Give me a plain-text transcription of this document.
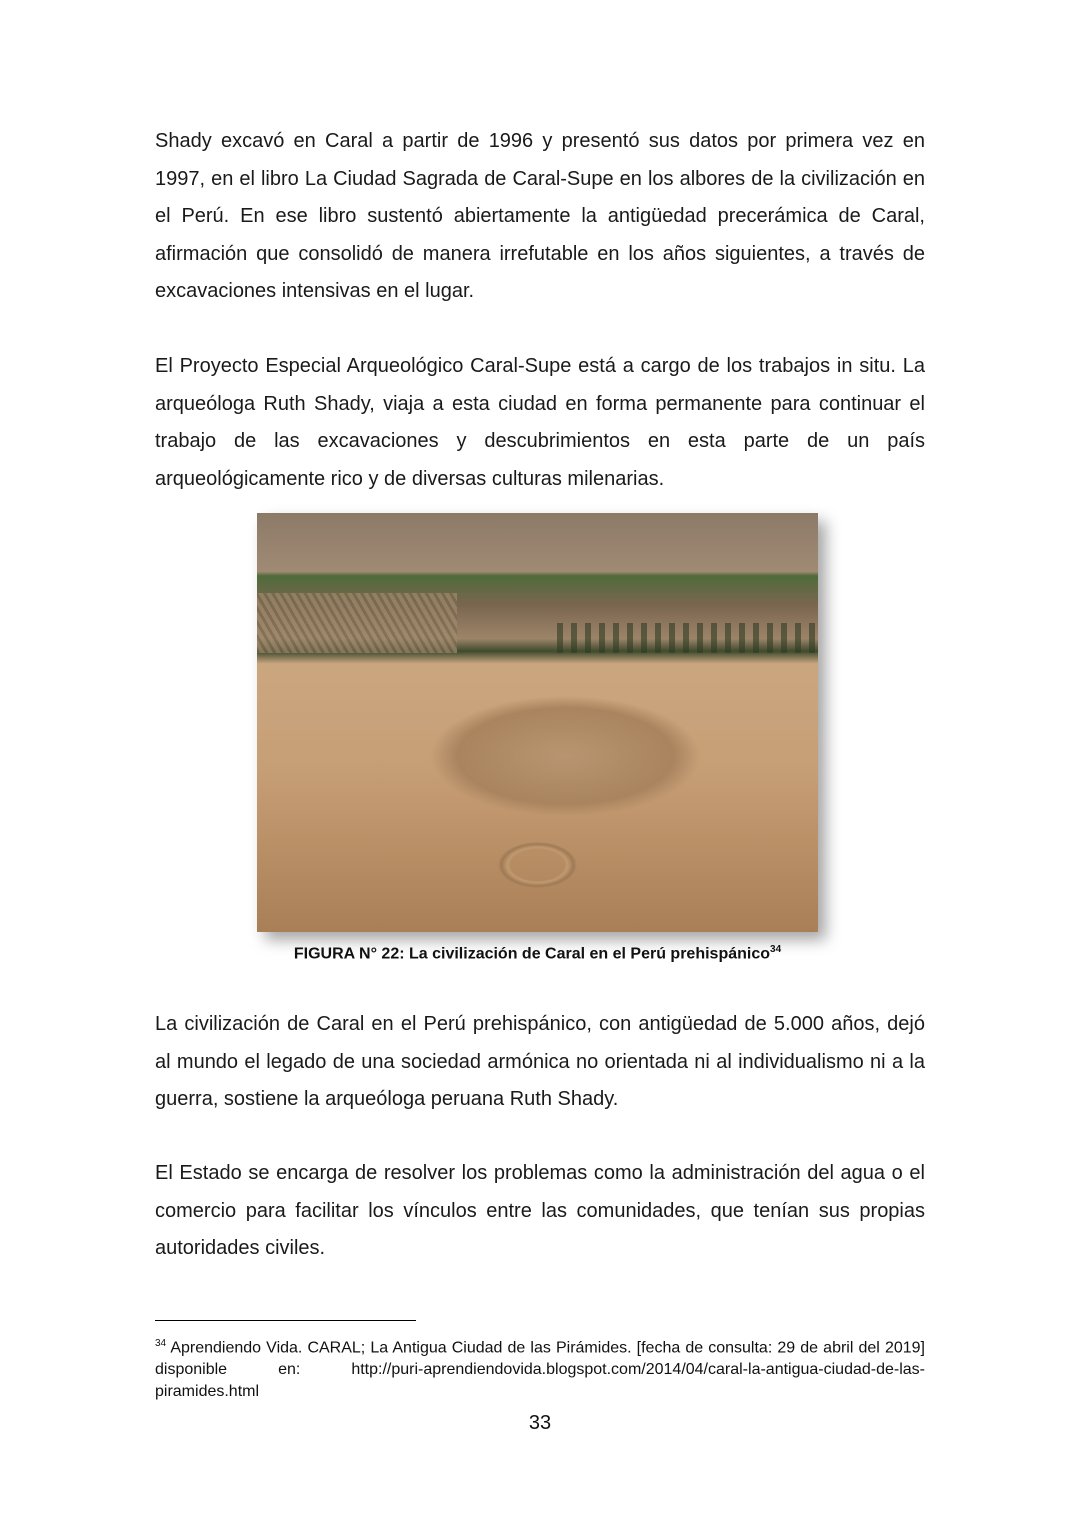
Shady excavó en Caral a partir de 1996 y presentó sus datos por primera vez en 1997, en el libro La Ciudad Sagrada de Caral-Supe en los albores de la civilización en el Perú. En ese libro sustentó abiertamente la antigüedad precerámica de Caral, afirmación que consolidó de manera irrefutable en los años siguientes, a través de excavaciones intensivas en el lugar.

El Proyecto Especial Arqueológico Caral-Supe está a cargo de los trabajos in situ. La arqueóloga Ruth Shady, viaja a esta ciudad en forma permanente para continuar el trabajo de las excavaciones y descubrimientos en esta parte de un país arqueológicamente rico y de diversas culturas milenarias.

FIGURA N° 22: La civilización de Caral en el Perú prehispánico$^{34}$

La civilización de Caral en el Perú prehispánico, con antigüedad de 5.000 años, dejó al mundo el legado de una sociedad armónica no orientada ni al individualismo ni a la guerra, sostiene la arqueóloga peruana Ruth Shady.

El Estado se encarga de resolver los problemas como la administración del agua o el comercio para facilitar los vínculos entre las comunidades, que tenían sus propias autoridades civiles.

$^{34}$ Aprendiendo Vida. CARAL; La Antigua Ciudad de las Pirámides. [fecha de consulta: 29 de abril del 2019] disponible en: http://puri-aprendiendovida.blogspot.com/2014/04/caral-la-antigua-ciudad-de-las-piramides.html
33
